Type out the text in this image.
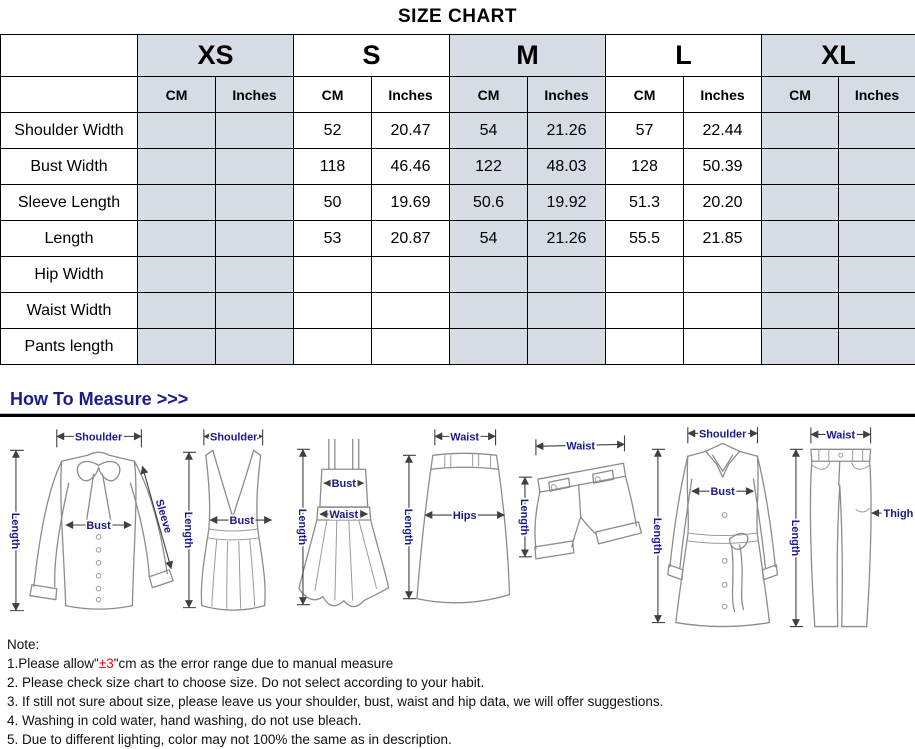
SIZE CHART
	XS		S		M		L		XL	
	CM	Inches	CM	Inches	CM	Inches	CM	Inches	CM	Inches
Shoulder Width			52	20.47	54	21.26	57	22.44		
Bust Width			118	46.46	122	48.03	128	50.39		
Sleeve Length			50	19.69	50.6	19.92	51.3	20.20		
Length			53	20.87	54	21.26	55.5	21.85		
Hip Width										
Waist Width										
Pants length										
How To Measure >>>
Shoulder
Length	Bust	Sleeve
Shoulder
Length	Bust	Length
Bust
Waist
Waist
Length	Hips
Waist
Length
Shoulder
Length
Bust
Waist
Length
Thigh
Note:
1.Please allow"±3"cm as the error range due to manual measure
2. Please check size chart to choose size. Do not select according to your habit.
3. If still not sure about size, please leave us your shoulder, bust, waist and hip data, we will offer suggestions.
4. Washing in cold water, hand washing, do not use bleach.
5. Due to different lighting, color may not 100% the same as in description.
